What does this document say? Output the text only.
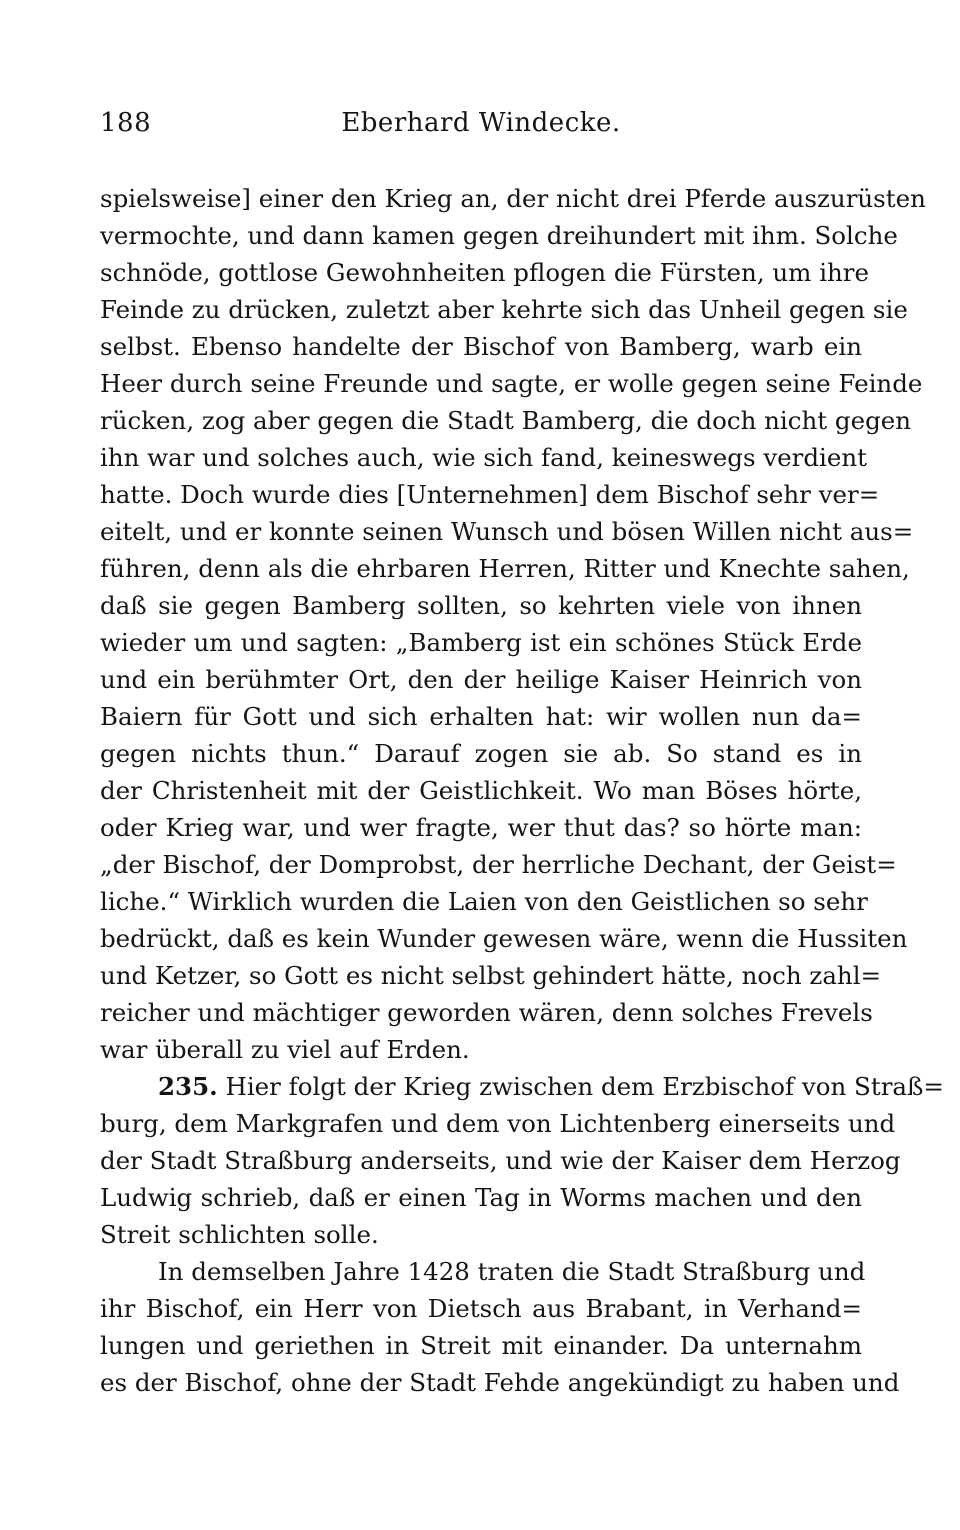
188	Eberhard Windecke.
spielsweise] einer den Krieg an, der nicht drei Pferde auszurüsten
vermochte, und dann kamen gegen dreihundert mit ihm. Solche
schnöde, gottlose Gewohnheiten pflogen die Fürsten, um ihre
Feinde zu drücken, zuletzt aber kehrte sich das Unheil gegen sie
selbst. Ebenso handelte der Bischof von Bamberg, warb ein
Heer durch seine Freunde und sagte, er wolle gegen seine Feinde
rücken, zog aber gegen die Stadt Bamberg, die doch nicht gegen
ihn war und solches auch, wie sich fand, keineswegs verdient
hatte. Doch wurde dies [Unternehmen] dem Bischof sehr ver=
eitelt, und er konnte seinen Wunsch und bösen Willen nicht aus=
führen, denn als die ehrbaren Herren, Ritter und Knechte sahen,
daß sie gegen Bamberg sollten, so kehrten viele von ihnen
wieder um und sagten: „Bamberg ist ein schönes Stück Erde
und ein berühmter Ort, den der heilige Kaiser Heinrich von
Baiern für Gott und sich erhalten hat: wir wollen nun da=
gegen nichts thun.“ Darauf zogen sie ab. So stand es in
der Christenheit mit der Geistlichkeit. Wo man Böses hörte,
oder Krieg war, und wer fragte, wer thut das? so hörte man:
„der Bischof, der Domprobst, der herrliche Dechant, der Geist=
liche.“ Wirklich wurden die Laien von den Geistlichen so sehr
bedrückt, daß es kein Wunder gewesen wäre, wenn die Hussiten
und Ketzer, so Gott es nicht selbst gehindert hätte, noch zahl=
reicher und mächtiger geworden wären, denn solches Frevels
war überall zu viel auf Erden.
235. Hier folgt der Krieg zwischen dem Erzbischof von Straß=
burg, dem Markgrafen und dem von Lichtenberg einerseits und
der Stadt Straßburg anderseits, und wie der Kaiser dem Herzog
Ludwig schrieb, daß er einen Tag in Worms machen und den
Streit schlichten solle.
In demselben Jahre 1428 traten die Stadt Straßburg und
ihr Bischof, ein Herr von Dietsch aus Brabant, in Verhand=
lungen und geriethen in Streit mit einander. Da unternahm
es der Bischof, ohne der Stadt Fehde angekündigt zu haben und
